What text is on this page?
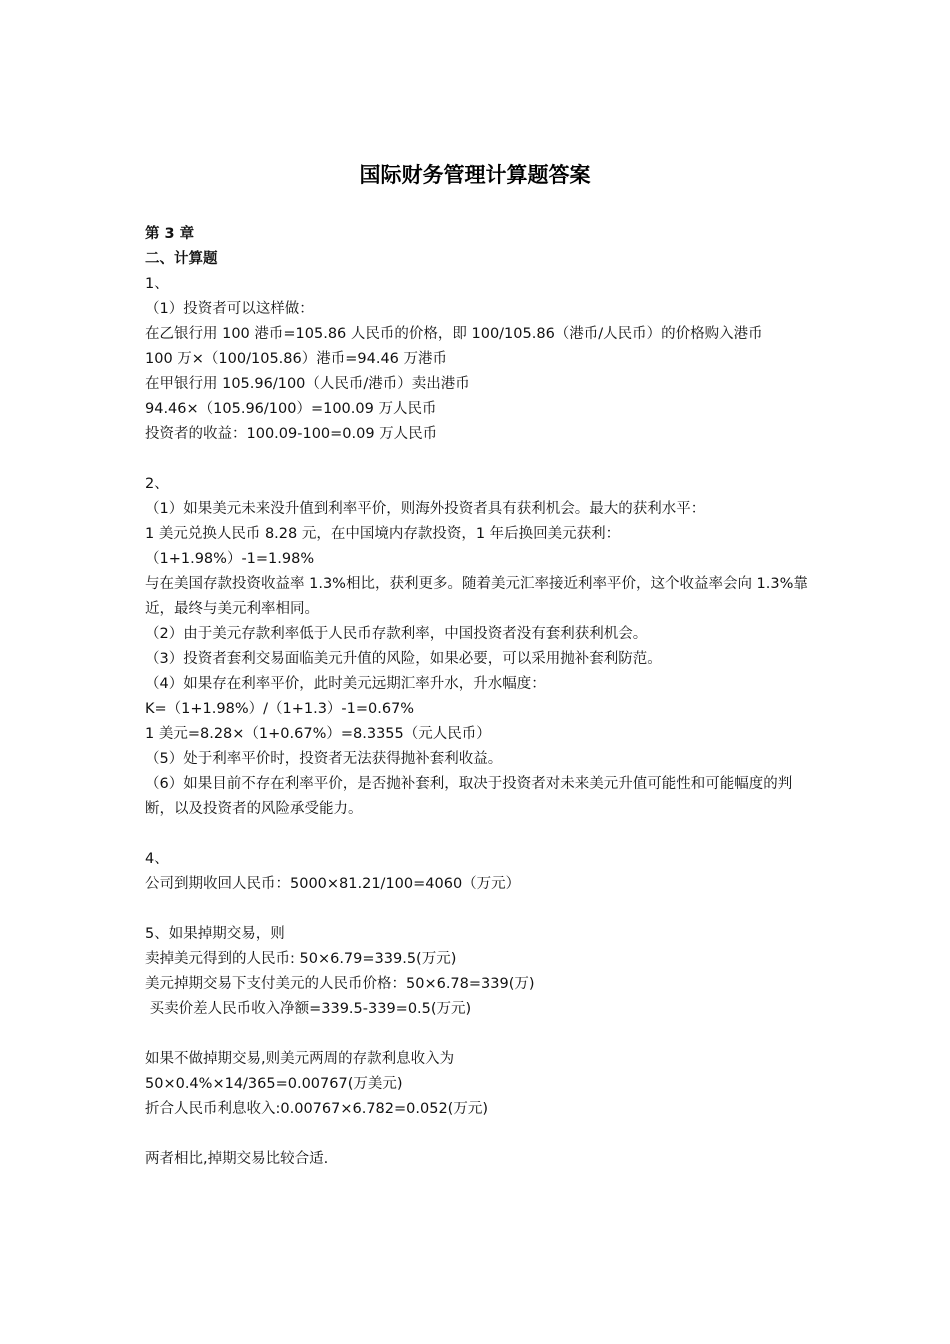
国际财务管理计算题答案
第 3 章
二、计算题
1、
（1）投资者可以这样做：
在乙银行用 100 港币=105.86 人民币的价格，即 100/105.86（港币/人民币）的价格购入港币
100 万×（100/105.86）港币=94.46 万港币
在甲银行用 105.96/100（人民币/港币）卖出港币
94.46×（105.96/100）=100.09 万人民币
投资者的收益：100.09-100=0.09 万人民币
2、
（1）如果美元未来没升值到利率平价，则海外投资者具有获利机会。最大的获利水平：
1 美元兑换人民币 8.28 元，在中国境内存款投资，1 年后换回美元获利：
（1+1.98%）-1=1.98%
与在美国存款投资收益率 1.3%相比，获利更多。随着美元汇率接近利率平价，这个收益率会向 1.3%靠近，最终与美元利率相同。
（2）由于美元存款利率低于人民币存款利率，中国投资者没有套利获利机会。
（3）投资者套利交易面临美元升值的风险，如果必要，可以采用抛补套利防范。
（4）如果存在利率平价，此时美元远期汇率升水，升水幅度：
K=（1+1.98%）/（1+1.3）-1=0.67%
1 美元=8.28×（1+0.67%）=8.3355（元人民币）
（5）处于利率平价时，投资者无法获得抛补套利收益。
（6）如果目前不存在利率平价，是否抛补套利，取决于投资者对未来美元升值可能性和可能幅度的判断，以及投资者的风险承受能力。
4、
公司到期收回人民币：5000×81.21/100=4060（万元）
5、如果掉期交易，则
卖掉美元得到的人民币: 50×6.79=339.5(万元)
美元掉期交易下支付美元的人民币价格：50×6.78=339(万)
买卖价差人民币收入净额=339.5-339=0.5(万元)
如果不做掉期交易,则美元两周的存款利息收入为
50×0.4%×14/365=0.00767(万美元)
折合人民币利息收入:0.00767×6.782=0.052(万元)
两者相比,掉期交易比较合适.
